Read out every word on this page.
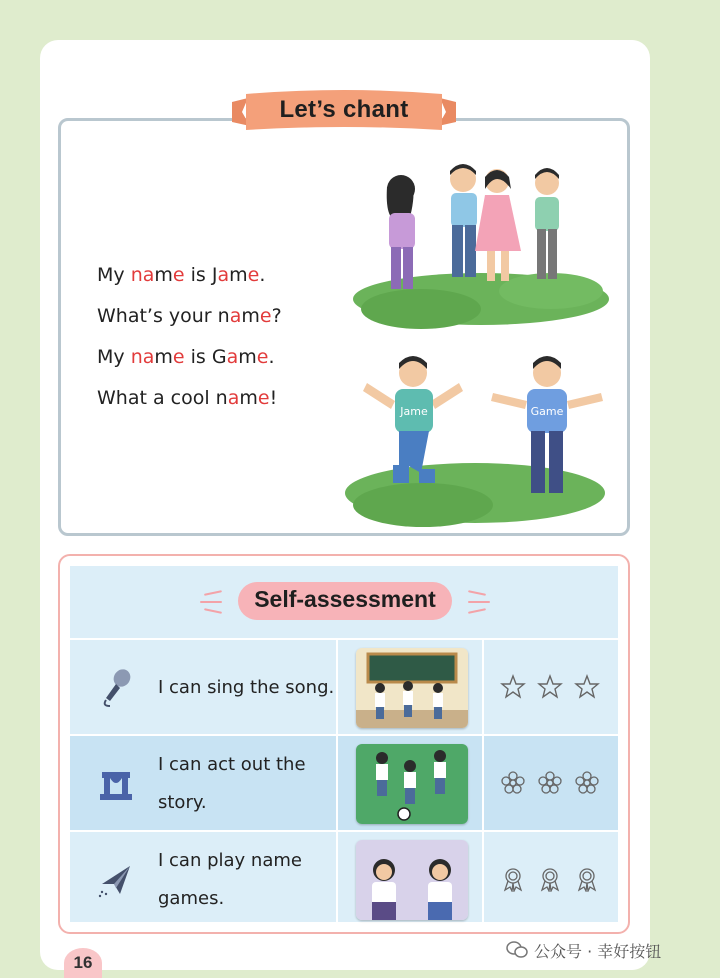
Let’s chant
My name is Jame.
What’s your name?
My name is Game.
What a cool name!
Jame	Game
Self-assessment
I can sing the song.

I can act out the story.

I can play name games.

16
公众号 · 幸好按钮
